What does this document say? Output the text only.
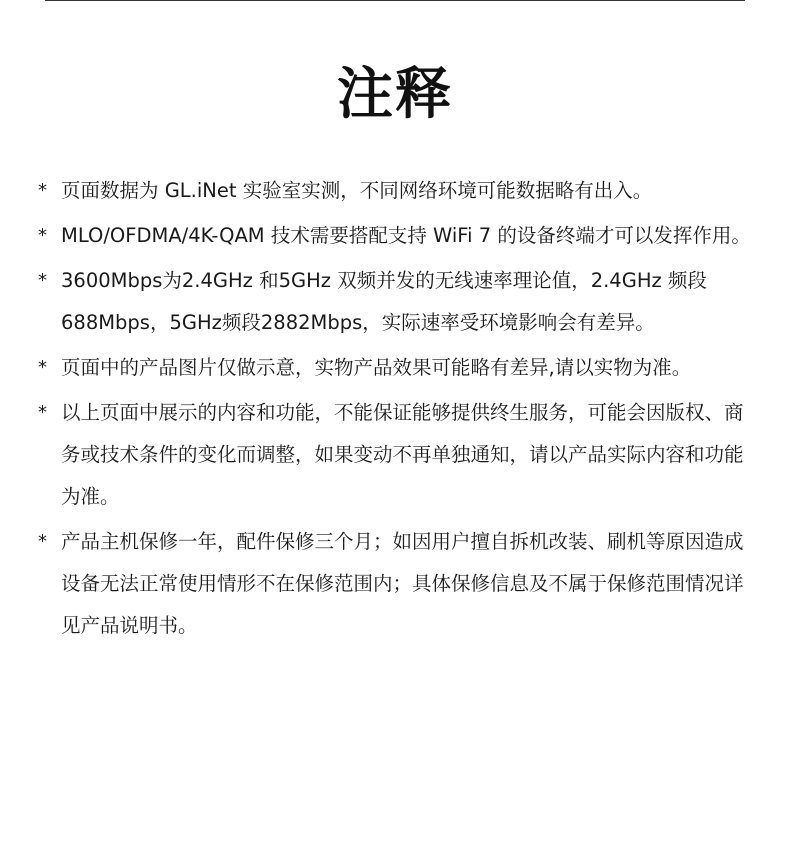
注释
* 页面数据为 GL.iNet 实验室实测，不同网络环境可能数据略有出入。
* MLO/OFDMA/4K-QAM 技术需要搭配支持 WiFi 7 的设备终端才可以发挥作用。
* 3600Mbps为2.4GHz 和5GHz 双频并发的无线速率理论值，2.4GHz 频段688Mbps，5GHz频段2882Mbps，实际速率受环境影响会有差异。
* 页面中的产品图片仅做示意，实物产品效果可能略有差异,请以实物为准。
* 以上页面中展示的内容和功能，不能保证能够提供终生服务，可能会因版权、商务或技术条件的变化而调整，如果变动不再单独通知，请以产品实际内容和功能为准。
* 产品主机保修一年，配件保修三个月；如因用户擅自拆机改装、刷机等原因造成设备无法正常使用情形不在保修范围内；具体保修信息及不属于保修范围情况详见产品说明书。
